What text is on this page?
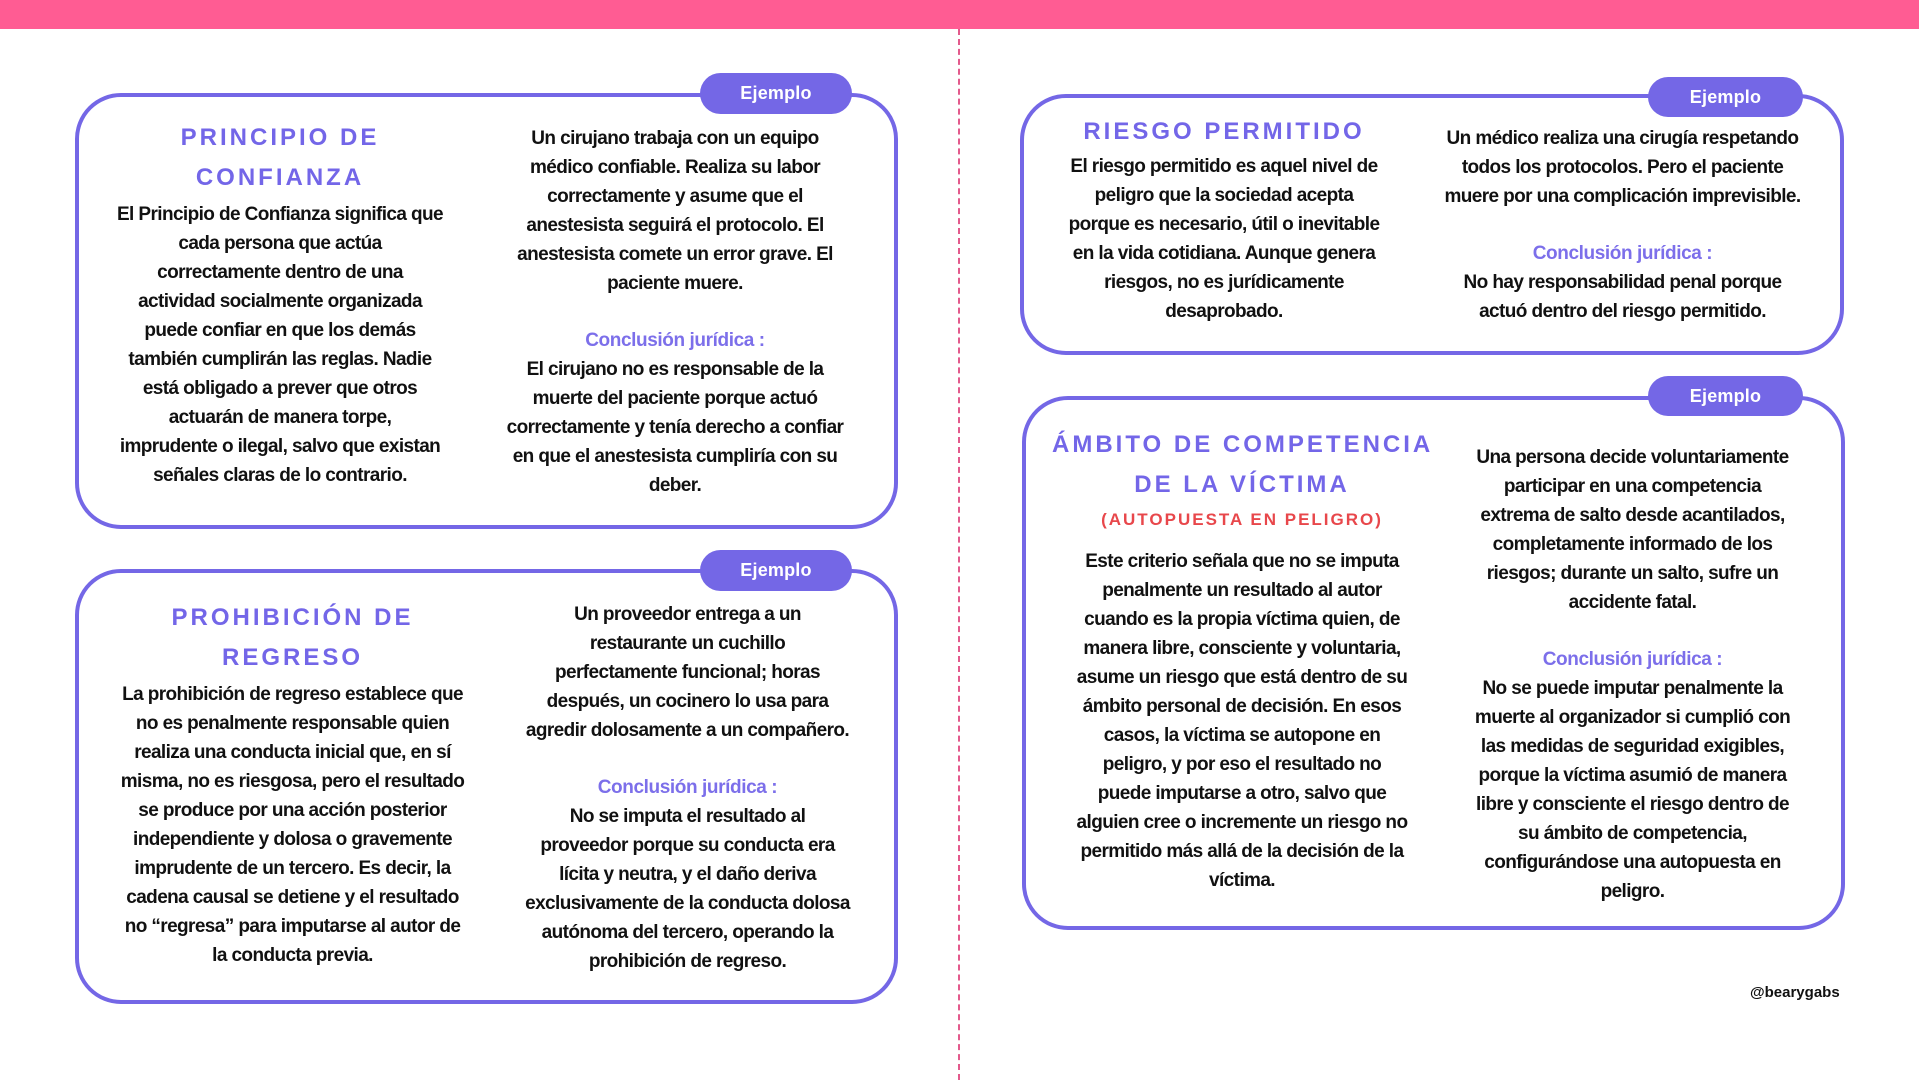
Ejemplo
PRINCIPIO DE
CONFIANZA
El Principio de Confianza significa que
cada persona que actúa
correctamente dentro de una
actividad socialmente organizada
puede confiar en que los demás
también cumplirán las reglas. Nadie
está obligado a prever que otros
actuarán de manera torpe,
imprudente o ilegal, salvo que existan
señales claras de lo contrario.
Un cirujano trabaja con un equipo
médico confiable. Realiza su labor
correctamente y asume que el
anestesista seguirá el protocolo. El
anestesista comete un error grave. El
paciente muere.
Conclusión jurídica :
El cirujano no es responsable de la
muerte del paciente porque actuó
correctamente y tenía derecho a confiar
en que el anestesista cumpliría con su
deber.
Ejemplo
PROHIBICIÓN DE
REGRESO
La prohibición de regreso establece que
no es penalmente responsable quien
realiza una conducta inicial que, en sí
misma, no es riesgosa, pero el resultado
se produce por una acción posterior
independiente y dolosa o gravemente
imprudente de un tercero. Es decir, la
cadena causal se detiene y el resultado
no “regresa” para imputarse al autor de
la conducta previa.
Un proveedor entrega a un
restaurante un cuchillo
perfectamente funcional; horas
después, un cocinero lo usa para
agredir dolosamente a un compañero.
Conclusión jurídica :
No se imputa el resultado al
proveedor porque su conducta era
lícita y neutra, y el daño deriva
exclusivamente de la conducta dolosa
autónoma del tercero, operando la
prohibición de regreso.
Ejemplo
RIESGO PERMITIDO
El riesgo permitido es aquel nivel de
peligro que la sociedad acepta
porque es necesario, útil o inevitable
en la vida cotidiana. Aunque genera
riesgos, no es jurídicamente
desaprobado.
Un médico realiza una cirugía respetando
todos los protocolos. Pero el paciente
muere por una complicación imprevisible.
Conclusión jurídica :
No hay responsabilidad penal porque
actuó dentro del riesgo permitido.
Ejemplo
ÁMBITO DE COMPETENCIA
DE LA VÍCTIMA
(AUTOPUESTA EN PELIGRO)
Este criterio señala que no se imputa
penalmente un resultado al autor
cuando es la propia víctima quien, de
manera libre, consciente y voluntaria,
asume un riesgo que está dentro de su
ámbito personal de decisión. En esos
casos, la víctima se autopone en
peligro, y por eso el resultado no
puede imputarse a otro, salvo que
alguien cree o incremente un riesgo no
permitido más allá de la decisión de la
víctima.
Una persona decide voluntariamente
participar en una competencia
extrema de salto desde acantilados,
completamente informado de los
riesgos; durante un salto, sufre un
accidente fatal.
Conclusión jurídica :
No se puede imputar penalmente la
muerte al organizador si cumplió con
las medidas de seguridad exigibles,
porque la víctima asumió de manera
libre y consciente el riesgo dentro de
su ámbito de competencia,
configurándose una autopuesta en
peligro.
@bearygabs
